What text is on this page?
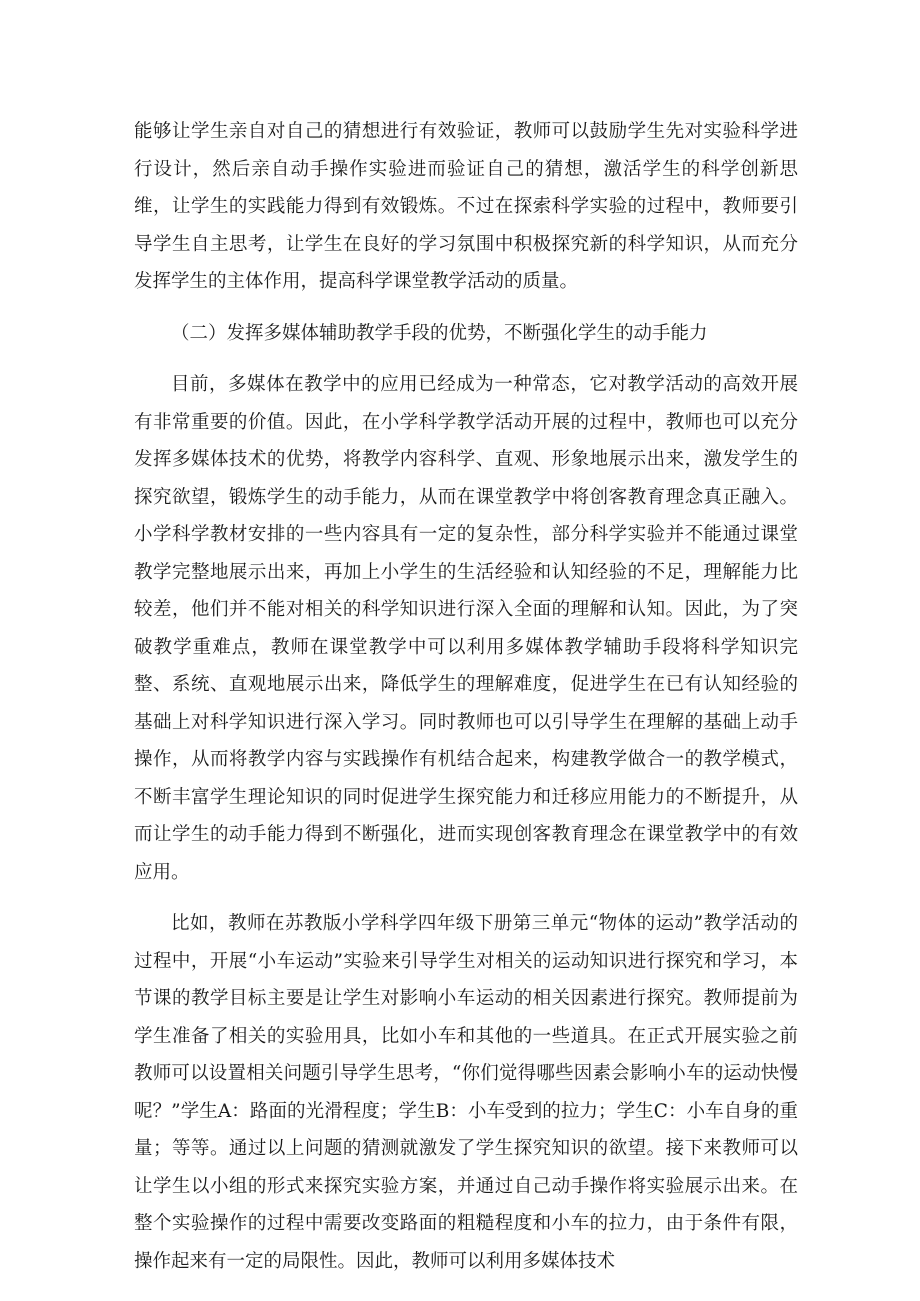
能够让学生亲自对自己的猜想进行有效验证，教师可以鼓励学生先对实验科学进行设计，然后亲自动手操作实验进而验证自己的猜想，激活学生的科学创新思维，让学生的实践能力得到有效锻炼。不过在探索科学实验的过程中，教师要引导学生自主思考，让学生在良好的学习氛围中积极探究新的科学知识，从而充分发挥学生的主体作用，提高科学课堂教学活动的质量。

（二）发挥多媒体辅助教学手段的优势，不断强化学生的动手能力

目前，多媒体在教学中的应用已经成为一种常态，它对教学活动的高效开展有非常重要的价值。因此，在小学科学教学活动开展的过程中，教师也可以充分发挥多媒体技术的优势，将教学内容科学、直观、形象地展示出来，激发学生的探究欲望，锻炼学生的动手能力，从而在课堂教学中将创客教育理念真正融入。小学科学教材安排的一些内容具有一定的复杂性，部分科学实验并不能通过课堂教学完整地展示出来，再加上小学生的生活经验和认知经验的不足，理解能力比较差，他们并不能对相关的科学知识进行深入全面的理解和认知。因此，为了突破教学重难点，教师在课堂教学中可以利用多媒体教学辅助手段将科学知识完整、系统、直观地展示出来，降低学生的理解难度，促进学生在已有认知经验的基础上对科学知识进行深入学习。同时教师也可以引导学生在理解的基础上动手操作，从而将教学内容与实践操作有机结合起来，构建教学做合一的教学模式，不断丰富学生理论知识的同时促进学生探究能力和迁移应用能力的不断提升，从而让学生的动手能力得到不断强化，进而实现创客教育理念在课堂教学中的有效应用。

比如，教师在苏教版小学科学四年级下册第三单元“物体的运动”教学活动的过程中，开展“小车运动”实验来引导学生对相关的运动知识进行探究和学习，本节课的教学目标主要是让学生对影响小车运动的相关因素进行探究。教师提前为学生准备了相关的实验用具，比如小车和其他的一些道具。在正式开展实验之前教师可以设置相关问题引导学生思考，“你们觉得哪些因素会影响小车的运动快慢呢？”学生A：路面的光滑程度；学生B：小车受到的拉力；学生C：小车自身的重量；等等。通过以上问题的猜测就激发了学生探究知识的欲望。接下来教师可以让学生以小组的形式来探究实验方案，并通过自己动手操作将实验展示出来。在整个实验操作的过程中需要改变路面的粗糙程度和小车的拉力，由于条件有限，操作起来有一定的局限性。因此，教师可以利用多媒体技术
